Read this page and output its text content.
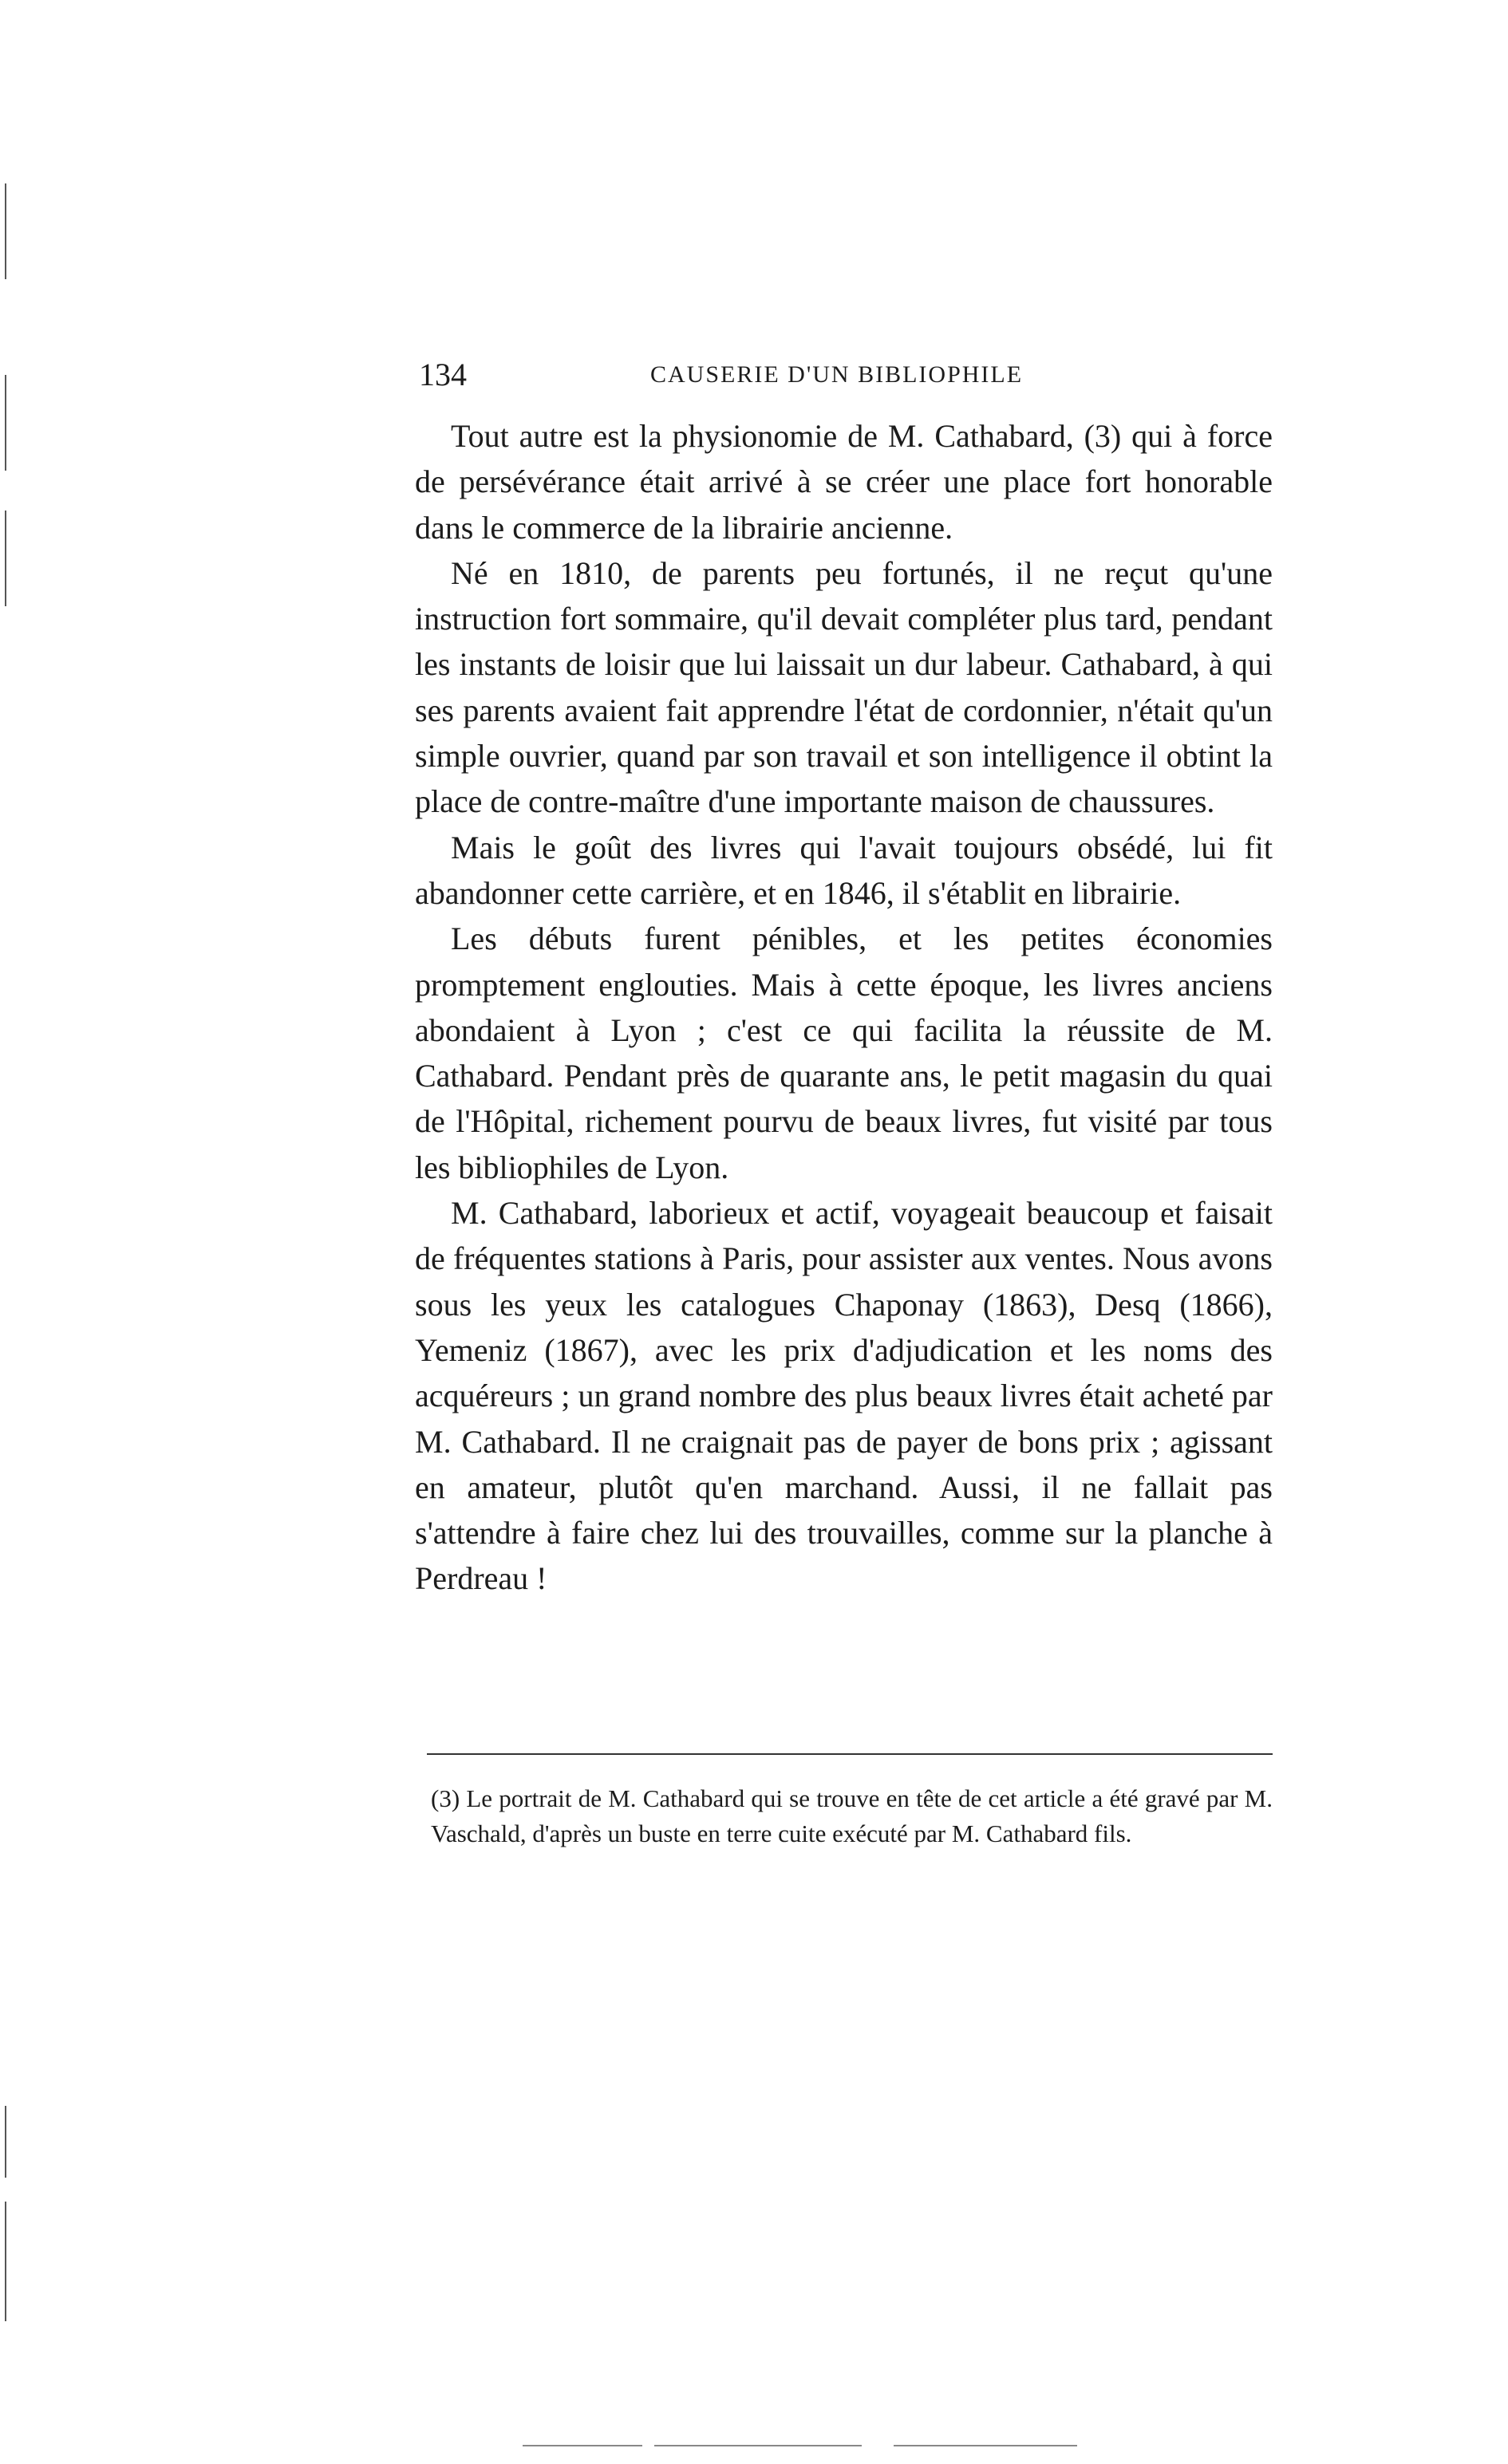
134	CAUSERIE D'UN BIBLIOPHILE

Tout autre est la physionomie de M. Cathabard, (3) qui à force de persévérance était arrivé à se créer une place fort honorable dans le commerce de la librairie ancienne.

Né en 1810, de parents peu fortunés, il ne reçut qu'une instruction fort sommaire, qu'il devait compléter plus tard, pendant les instants de loisir que lui laissait un dur labeur. Cathabard, à qui ses parents avaient fait apprendre l'état de cordonnier, n'était qu'un simple ouvrier, quand par son travail et son intelligence il obtint la place de contre-maître d'une importante maison de chaussures.

Mais le goût des livres qui l'avait toujours obsédé, lui fit abandonner cette carrière, et en 1846, il s'établit en librairie.

Les débuts furent pénibles, et les petites économies promptement englouties. Mais à cette époque, les livres anciens abondaient à Lyon ; c'est ce qui facilita la réussite de M. Cathabard. Pendant près de quarante ans, le petit magasin du quai de l'Hôpital, richement pourvu de beaux livres, fut visité par tous les bibliophiles de Lyon.

M. Cathabard, laborieux et actif, voyageait beaucoup et faisait de fréquentes stations à Paris, pour assister aux ventes. Nous avons sous les yeux les catalogues Chaponay (1863), Desq (1866), Yemeniz (1867), avec les prix d'adjudication et les noms des acquéreurs ; un grand nombre des plus beaux livres était acheté par M. Cathabard. Il ne craignait pas de payer de bons prix ; agissant en amateur, plutôt qu'en marchand. Aussi, il ne fallait pas s'attendre à faire chez lui des trouvailles, comme sur la planche à Perdreau !

(3) Le portrait de M. Cathabard qui se trouve en tête de cet article a été gravé par M. Vaschald, d'après un buste en terre cuite exécuté par M. Cathabard fils.
